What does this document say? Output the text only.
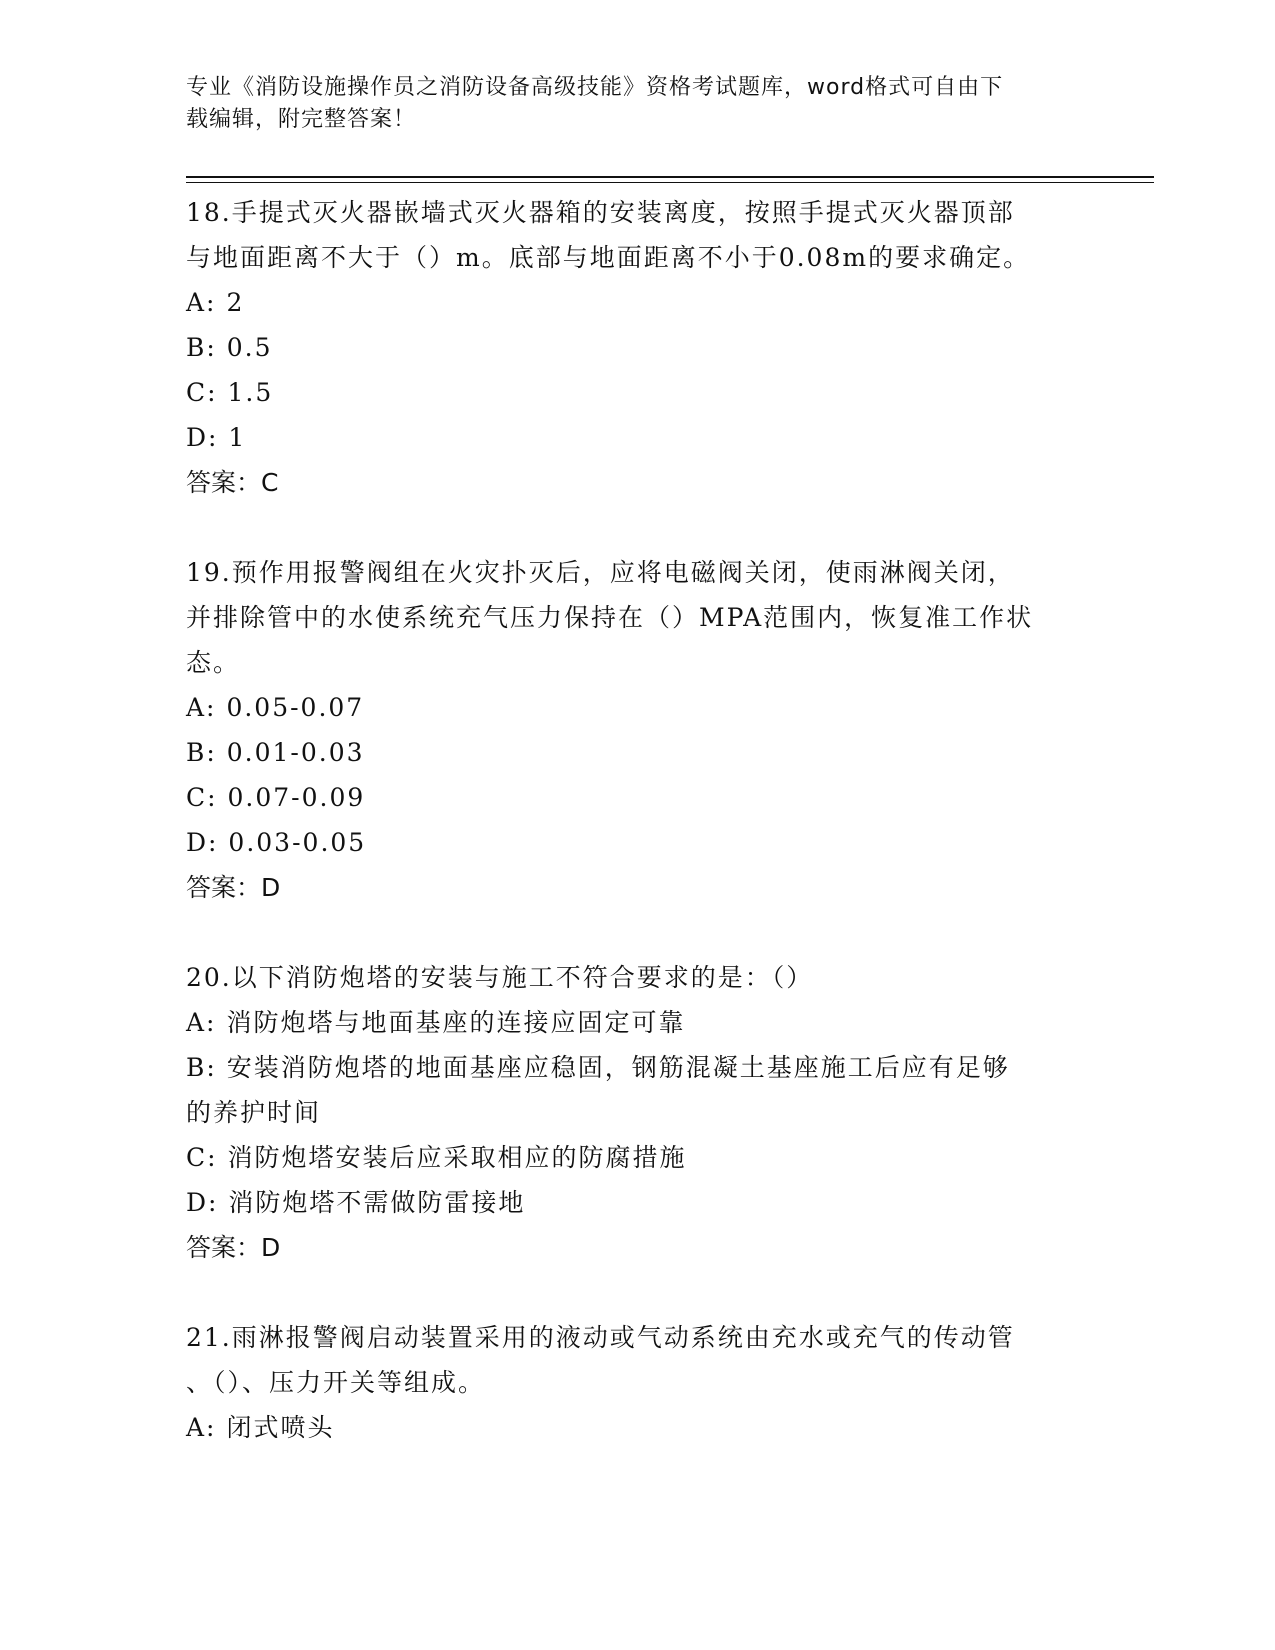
专业《消防设施操作员之消防设备高级技能》资格考试题库，word格式可自由下
载编辑，附完整答案！

18.手提式灭火器嵌墙式灭火器箱的安装离度，按照手提式灭火器顶部

与地面距离不大于（）m。底部与地面距离不小于0.08m的要求确定。

A: 2

B: 0.5

C: 1.5

D: 1

答案：C

19.预作用报警阀组在火灾扑灭后，应将电磁阀关闭，使雨淋阀关闭，

并排除管中的水使系统充气压力保持在（）MPA范围内，恢复准工作状

态。

A: 0.05-0.07

B: 0.01-0.03

C: 0.07-0.09

D: 0.03-0.05

答案：D

20.以下消防炮塔的安装与施工不符合要求的是：（）

A: 消防炮塔与地面基座的连接应固定可靠

B: 安装消防炮塔的地面基座应稳固，钢筋混凝土基座施工后应有足够

的养护时间

C: 消防炮塔安装后应采取相应的防腐措施

D: 消防炮塔不需做防雷接地

答案：D

21.雨淋报警阀启动装置采用的液动或气动系统由充水或充气的传动管

、（）、压力开关等组成。

A: 闭式喷头
